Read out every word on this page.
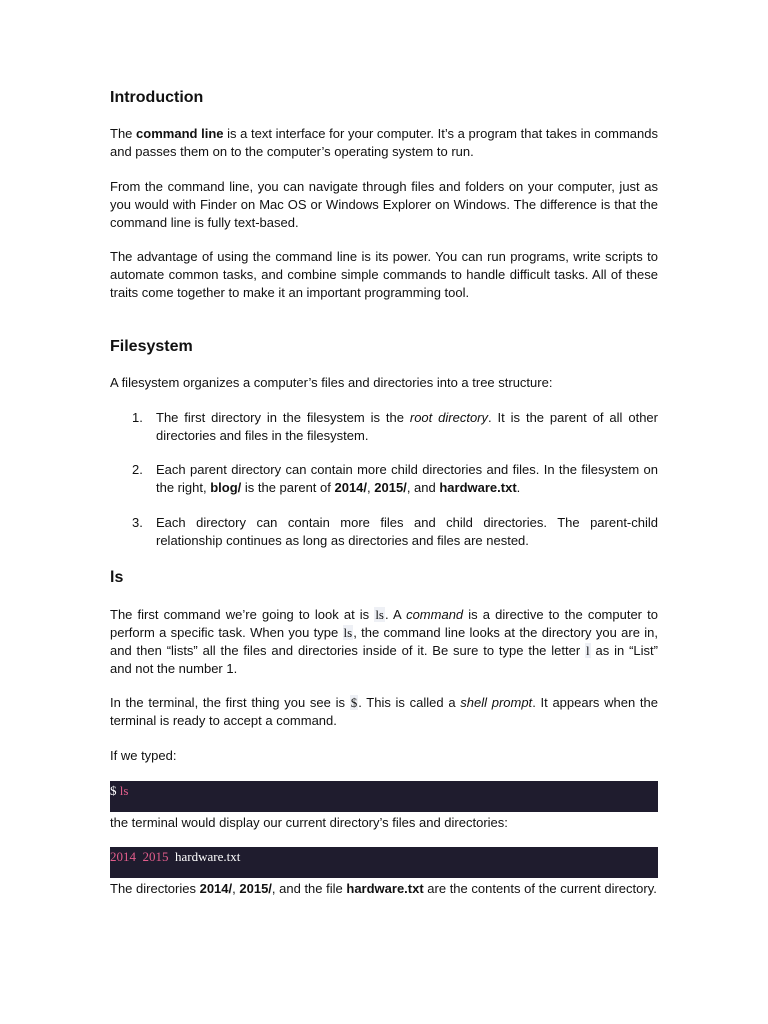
Introduction

The command line is a text interface for your computer. It’s a program that takes in commands and passes them on to the computer’s operating system to run.

From the command line, you can navigate through files and folders on your computer, just as you would with Finder on Mac OS or Windows Explorer on Windows. The difference is that the command line is fully text-based.

The advantage of using the command line is its power. You can run programs, write scripts to automate common tasks, and combine simple commands to handle difficult tasks. All of these traits come together to make it an important programming tool.

Filesystem

A filesystem organizes a computer’s files and directories into a tree structure:

1. The first directory in the filesystem is the root directory. It is the parent of all other directories and files in the filesystem.
2. Each parent directory can contain more child directories and files. In the filesystem on the right, blog/ is the parent of 2014/, 2015/, and hardware.txt.
3. Each directory can contain more files and child directories. The parent-child relationship continues as long as directories and files are nested.
ls

The first command we’re going to look at is ls. A command is a directive to the computer to perform a specific task. When you type ls, the command line looks at the directory you are in, and then “lists” all the files and directories inside of it. Be sure to type the letter l as in “List” and not the number 1.

In the terminal, the first thing you see is $. This is called a shell prompt. It appears when the terminal is ready to accept a command.

If we typed:

$ ls

the terminal would display our current directory’s files and directories:

2014 2015 hardware.txt

The directories 2014/, 2015/, and the file hardware.txt are the contents of the current directory.
